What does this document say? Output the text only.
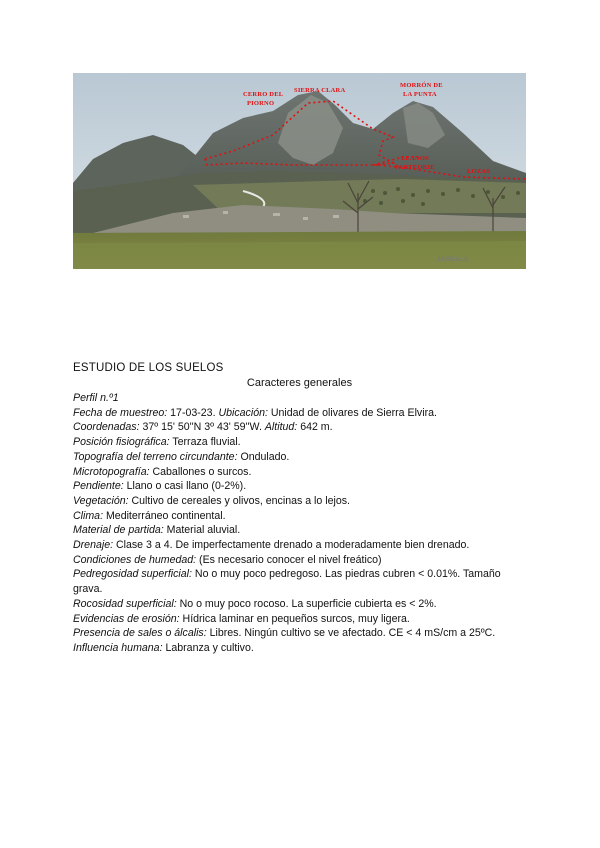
CERRO DEL
PIORNO
SIERRA CLARA
MORRÓN DE
LA PUNTA
LLANOS
PARTEORIE
LOZAS
MUSEAL.6
ESTUDIO DE LOS SUELOS
Caracteres generales

Perfil n.º1

Fecha de muestreo: 17-03-23. Ubicación: Unidad de olivares de Sierra Elvira.

Coordenadas: 37º 15' 50''N 3º 43' 59''W. Altitud: 642 m.

Posición fisiográfica: Terraza fluvial.

Topografía del terreno circundante: Ondulado.

Microtopografía: Caballones o surcos.

Pendiente: Llano o casi llano (0-2%).

Vegetación: Cultivo de cereales y olivos, encinas a lo lejos.

Clima: Mediterráneo continental.

Material de partida: Material aluvial.

Drenaje: Clase 3 a 4. De imperfectamente drenado a moderadamente bien drenado.

Condiciones de humedad: (Es necesario conocer el nivel freático)

Pedregosidad superficial: No o muy poco pedregoso. Las piedras cubren < 0.01%. Tamaño grava.

Rocosidad superficial: No o muy poco rocoso. La superficie cubierta es < 2%.

Evidencias de erosión: Hídrica laminar en pequeños surcos, muy ligera.

Presencia de sales o álcalis: Libres. Ningún cultivo se ve afectado. CE < 4 mS/cm a 25ºC.

Influencia humana: Labranza y cultivo.
